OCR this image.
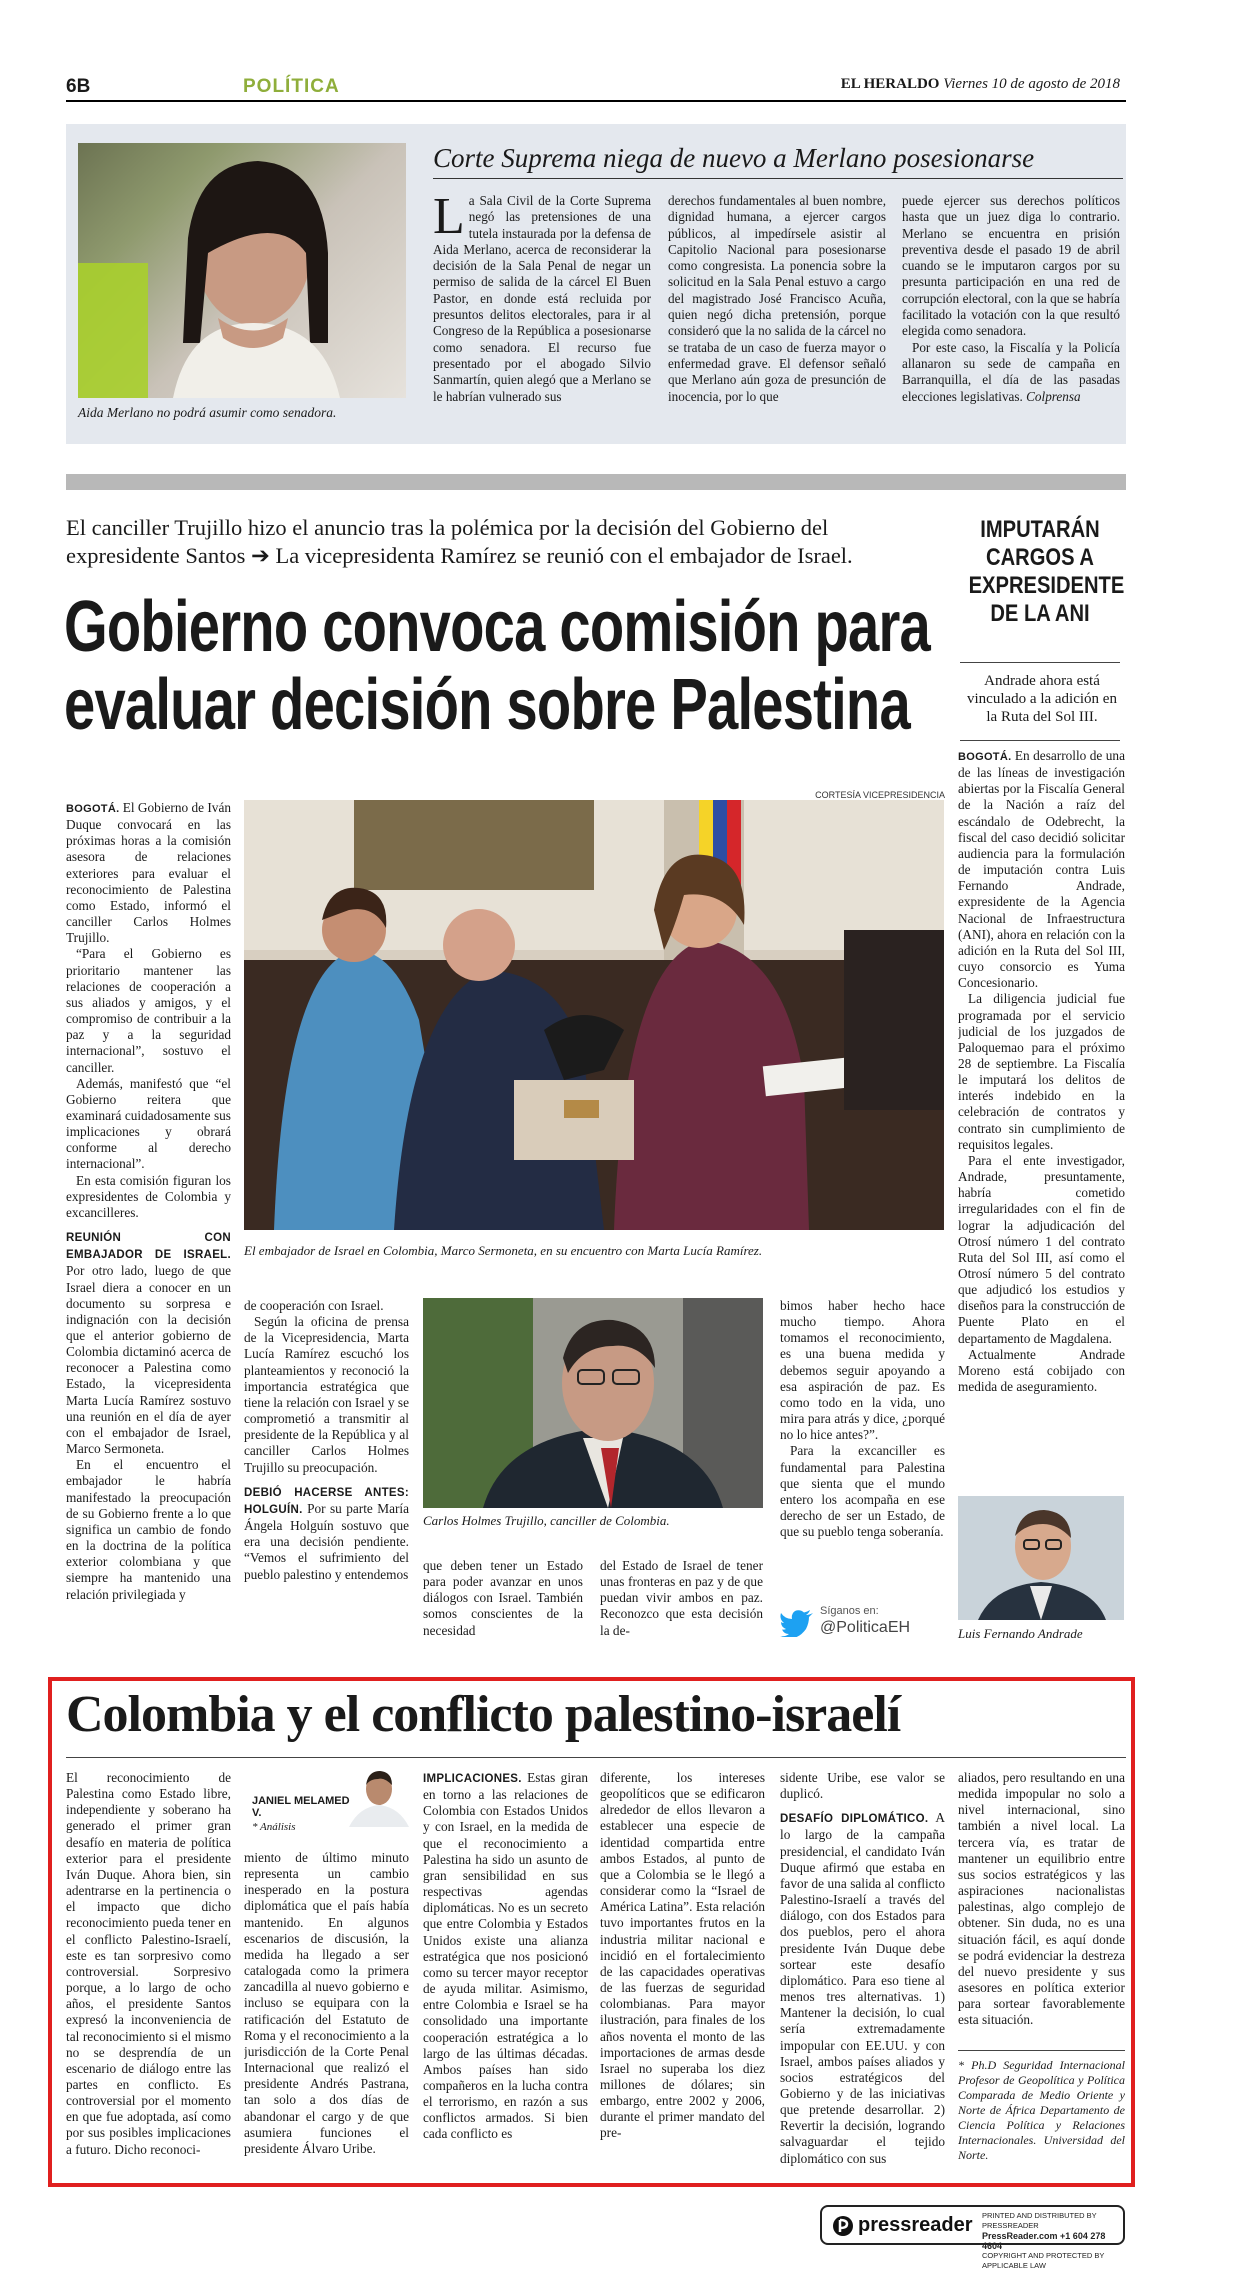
6B	POLÍTICA	EL HERALDO Viernes 10 de agosto de 2018
Aida Merlano no podrá asumir como senadora.
Corte Suprema niega de nuevo a Merlano posesionarse
L a Sala Civil de la Corte Suprema negó las pretensiones de una tutela instaurada por la defensa de Aida Merlano, acerca de reconsiderar la decisión de la Sala Penal de negar un permiso de salida de la cárcel El Buen Pastor, en donde está recluida por presuntos delitos electorales, para ir al Congreso de la República a posesionarse como senadora. El recurso fue presentado por el abogado Silvio Sanmartín, quien alegó que a Merlano se le habrían vulnerado sus
derechos fundamentales al buen nombre, dignidad humana, a ejercer cargos públicos, al impedírsele asistir al Capitolio Nacional para posesionarse como congresista. La ponencia sobre la solicitud en la Sala Penal estuvo a cargo del magistrado José Francisco Acuña, quien negó dicha pretensión, porque consideró que la no salida de la cárcel no se trataba de un caso de fuerza mayor o enfermedad grave. El defensor señaló que Merlano aún goza de presunción de inocencia, por lo que

puede ejercer sus derechos políticos hasta que un juez diga lo contrario. Merlano se encuentra en prisión preventiva desde el pasado 19 de abril cuando se le imputaron cargos por su presunta participación en una red de corrupción electoral, con la que se habría facilitado la votación con la que resultó elegida como senadora.

Por este caso, la Fiscalía y la Policía allanaron su sede de campaña en Barranquilla, el día de las pasadas elecciones legislativas. Colprensa

El canciller Trujillo hizo el anuncio tras la polémica por la decisión del Gobierno del expresidente Santos ➔ La vicepresidenta Ramírez se reunió con el embajador de Israel.
Gobierno convoca comisión para
evaluar decisión sobre Palestina
CORTESÍA VICEPRESIDENCIA
El embajador de Israel en Colombia, Marco Sermoneta, en su encuentro con Marta Lucía Ramírez.

BOGOTÁ. El Gobierno de Iván Duque convocará en las próximas horas a la comisión asesora de relaciones exteriores para evaluar el reconocimiento de Palestina como Estado, informó el canciller Carlos Holmes Trujillo.

“Para el Gobierno es prioritario mantener las relaciones de cooperación a sus aliados y amigos, y el compromiso de contribuir a la paz y a la seguridad internacional”, sostuvo el canciller.

Además, manifestó que “el Gobierno reitera que examinará cuidadosamente sus implicaciones y obrará conforme al derecho internacional”.

En esta comisión figuran los expresidentes de Colombia y excancilleres.

REUNIÓN CON EMBAJADOR DE ISRAEL. Por otro lado, luego de que Israel diera a conocer en un documento su sorpresa e indignación con la decisión que el anterior gobierno de Colombia dictaminó acerca de reconocer a Palestina como Estado, la vicepresidenta Marta Lucía Ramírez sostuvo una reunión en el día de ayer con el embajador de Israel, Marco Sermoneta.

En el encuentro el embajador le habría manifestado la preocupación de su Gobierno frente a lo que significa un cambio de fondo en la doctrina de la política exterior colombiana y que siempre ha mantenido una relación privilegiada y

de cooperación con Israel.

Según la oficina de prensa de la Vicepresidencia, Marta Lucía Ramírez escuchó los planteamientos y reconoció la importancia estratégica que tiene la relación con Israel y se comprometió a transmitir al presidente de la República y al canciller Carlos Holmes Trujillo su preocupación.

DEBIÓ HACERSE ANTES: HOLGUÍN. Por su parte María Ángela Holguín sostuvo que era una decisión pendiente. “Vemos el sufrimiento del pueblo palestino y entendemos

Carlos Holmes Trujillo, canciller de Colombia.
que deben tener un Estado para poder avanzar en unos diálogos con Israel. También somos conscientes de la necesidad
del Estado de Israel de tener unas fronteras en paz y de que puedan vivir ambos en paz. Reconozco que esta decisión la de-

bimos haber hecho hace mucho tiempo. Ahora tomamos el reconocimiento, es una buena medida y debemos seguir apoyando a esa aspiración de paz. Es como todo en la vida, uno mira para atrás y dice, ¿porqué no lo hice antes?”.

Para la excanciller es fundamental para Palestina que sienta que el mundo entero los acompaña en ese derecho de ser un Estado, de que su pueblo tenga soberanía.

Síganos en:
@PoliticaEH
IMPUTARÁN CARGOS A EXPRESIDENTE DE LA ANI
Andrade ahora está vinculado a la adición en la Ruta del Sol III.

BOGOTÁ. En desarrollo de una de las líneas de investigación abiertas por la Fiscalía General de la Nación a raíz del escándalo de Odebrecht, la fiscal del caso decidió solicitar audiencia para la formulación de imputación contra Luis Fernando Andrade, expresidente de la Agencia Nacional de Infraestructura (ANI), ahora en relación con la adición en la Ruta del Sol III, cuyo consorcio es Yuma Concesionario.

La diligencia judicial fue programada por el servicio judicial de los juzgados de Paloquemao para el próximo 28 de septiembre. La Fiscalía le imputará los delitos de interés indebido en la celebración de contratos y contrato sin cumplimiento de requisitos legales.

Para el ente investigador, Andrade, presuntamente, habría cometido irregularidades con el fin de lograr la adjudicación del Otrosí número 1 del contrato Ruta del Sol III, así como el Otrosí número 5 del contrato que adjudicó los estudios y diseños para la construcción de Puente Plato en el departamento de Magdalena.

Actualmente Andrade Moreno está cobijado con medida de aseguramiento.

Luis Fernando Andrade
Colombia y el conflicto palestino-israelí
El reconocimiento de Palestina como Estado libre, independiente y soberano ha generado el primer gran desafío en materia de política exterior para el presidente Iván Duque. Ahora bien, sin adentrarse en la pertinencia o el impacto que dicho reconocimiento pueda tener en el conflicto Palestino-Israelí, este es tan sorpresivo como controversial. Sorpresivo porque, a lo largo de ocho años, el presidente Santos expresó la inconveniencia de tal reconocimiento si el mismo no se desprendía de un escenario de diálogo entre las partes en conflicto. Es controversial por el momento en que fue adoptada, así como por sus posibles implicaciones a futuro. Dicho reconoci-
JANIEL MELAMED V.
* Análisis
miento de último minuto representa un cambio inesperado en la postura diplomática que el país había mantenido. En algunos escenarios de discusión, la medida ha llegado a ser catalogada como la primera zancadilla al nuevo gobierno e incluso se equipara con la ratificación del Estatuto de Roma y el reconocimiento a la jurisdicción de la Corte Penal Internacional que realizó el presidente Andrés Pastrana, tan solo a dos días de abandonar el cargo y de que asumiera funciones el presidente Álvaro Uribe.
IMPLICACIONES. Estas giran en torno a las relaciones de Colombia con Estados Unidos y con Israel, en la medida de que el reconocimiento a Palestina ha sido un asunto de gran sensibilidad en sus respectivas agendas diplomáticas. No es un secreto que entre Colombia y Estados Unidos existe una alianza estratégica que nos posicionó como su tercer mayor receptor de ayuda militar. Asimismo, entre Colombia e Israel se ha consolidado una importante cooperación estratégica a lo largo de las últimas décadas. Ambos países han sido compañeros en la lucha contra el terrorismo, en razón a sus conflictos armados. Si bien cada conflicto es
diferente, los intereses geopolíticos que se edificaron alrededor de ellos llevaron a establecer una especie de identidad compartida entre ambos Estados, al punto de que a Colombia se le llegó a considerar como la “Israel de América Latina”. Esta relación tuvo importantes frutos en la industria militar nacional e incidió en el fortalecimiento de las capacidades operativas de las fuerzas de seguridad colombianas. Para mayor ilustración, para finales de los años noventa el monto de las importaciones de armas desde Israel no superaba los diez millones de dólares; sin embargo, entre 2002 y 2006, durante el primer mandato del pre-

sidente Uribe, ese valor se duplicó.

DESAFÍO DIPLOMÁTICO. A lo largo de la campaña presidencial, el candidato Iván Duque afirmó que estaba en favor de una salida al conflicto Palestino-Israelí a través del diálogo, con dos Estados para dos pueblos, pero el ahora presidente Iván Duque debe sortear este desafío diplomático. Para eso tiene al menos tres alternativas. 1) Mantener la decisión, lo cual sería extremadamente impopular con EE.UU. y con Israel, ambos países aliados y socios estratégicos del Gobierno y de las iniciativas que pretende desarrollar. 2) Revertir la decisión, logrando salvaguardar el tejido diplomático con sus

aliados, pero resultando en una medida impopular no solo a nivel internacional, sino también a nivel local. La tercera vía, es tratar de mantener un equilibrio entre sus socios estratégicos y las aspiraciones nacionalistas palestinas, algo complejo de obtener. Sin duda, no es una situación fácil, es aquí donde se podrá evidenciar la destreza del nuevo presidente y sus asesores en política exterior para sortear favorablemente esta situación.
* Ph.D Seguridad Internacional Profesor de Geopolítica y Política Comparada de Medio Oriente y Norte de África Departamento de Ciencia Política y Relaciones Internacionales. Universidad del Norte.
pressreader PRINTED AND DISTRIBUTED BY PRESSREADER
PressReader.com +1 604 278 4604
COPYRIGHT AND PROTECTED BY APPLICABLE LAW
